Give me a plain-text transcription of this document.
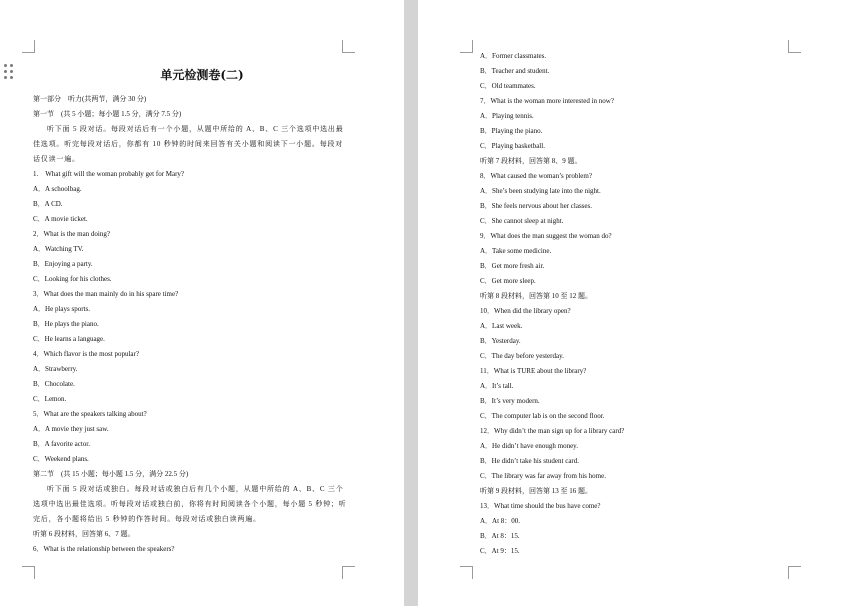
单元检测卷(二)
第一部分　听力(共两节，满分 30 分)
第一节　(共 5 小题；每小题 1.5 分，满分 7.5 分)
听下面 5 段对话。每段对话后有一个小题，从题中所给的 A、B、C 三个选项中选出最佳选项。听完每段对话后，你都有 10 秒钟的时间来回答有关小题和阅读下一小题。每段对话仅读一遍。
1.　What gift will the woman probably get for Mary?
A．A schoolbag.
B．A CD.
C．A movie ticket.
2．What is the man doing?
A．Watching TV.
B．Enjoying a party.
C．Looking for his clothes.
3．What does the man mainly do in his spare time?
A．He plays sports.
B．He plays the piano.
C．He learns a language.
4．Which flavor is the most popular?
A．Strawberry.
B．Chocolate.
C．Lemon.
5．What are the speakers talking about?
A．A movie they just saw.
B．A favorite actor.
C．Weekend plans.
第二节　(共 15 小题；每小题 1.5 分，满分 22.5 分)
听下面 5 段对话或独白。每段对话或独白后有几个小题，从题中所给的 A、B、C 三个选项中选出最佳选项。听每段对话或独白前，你将有时间阅读各个小题，每小题 5 秒钟；听完后，各小题将给出 5 秒钟的作答时间。每段对话或独白读两遍。
听第 6 段材料，回答第 6、7 题。
6．What is the relationship between the speakers?
A．Former classmates.
B．Teacher and student.
C．Old teammates.
7．What is the woman more interested in now?
A．Playing tennis.
B．Playing the piano.
C．Playing basketball.
听第 7 段材料，回答第 8、9 题。
8．What caused the woman’s problem?
A．She’s been studying late into the night.
B．She feels nervous about her classes.
C．She cannot sleep at night.
9．What does the man suggest the woman do?
A．Take some medicine.
B．Get more fresh air.
C．Get more sleep.
听第 8 段材料，回答第 10 至 12 题。
10．When did the library open?
A．Last week.
B．Yesterday.
C．The day before yesterday.
11．What is TURE about the library?
A．It’s tall.
B．It’s very modern.
C．The computer lab is on the second floor.
12．Why didn’t the man sign up for a library card?
A．He didn’t have enough money.
B．He didn’t take his student card.
C．The library was far away from his home.
听第 9 段材料，回答第 13 至 16 题。
13．What time should the bus have come?
A．At 8：00.
B．At 8：15.
C．At 9：15.
